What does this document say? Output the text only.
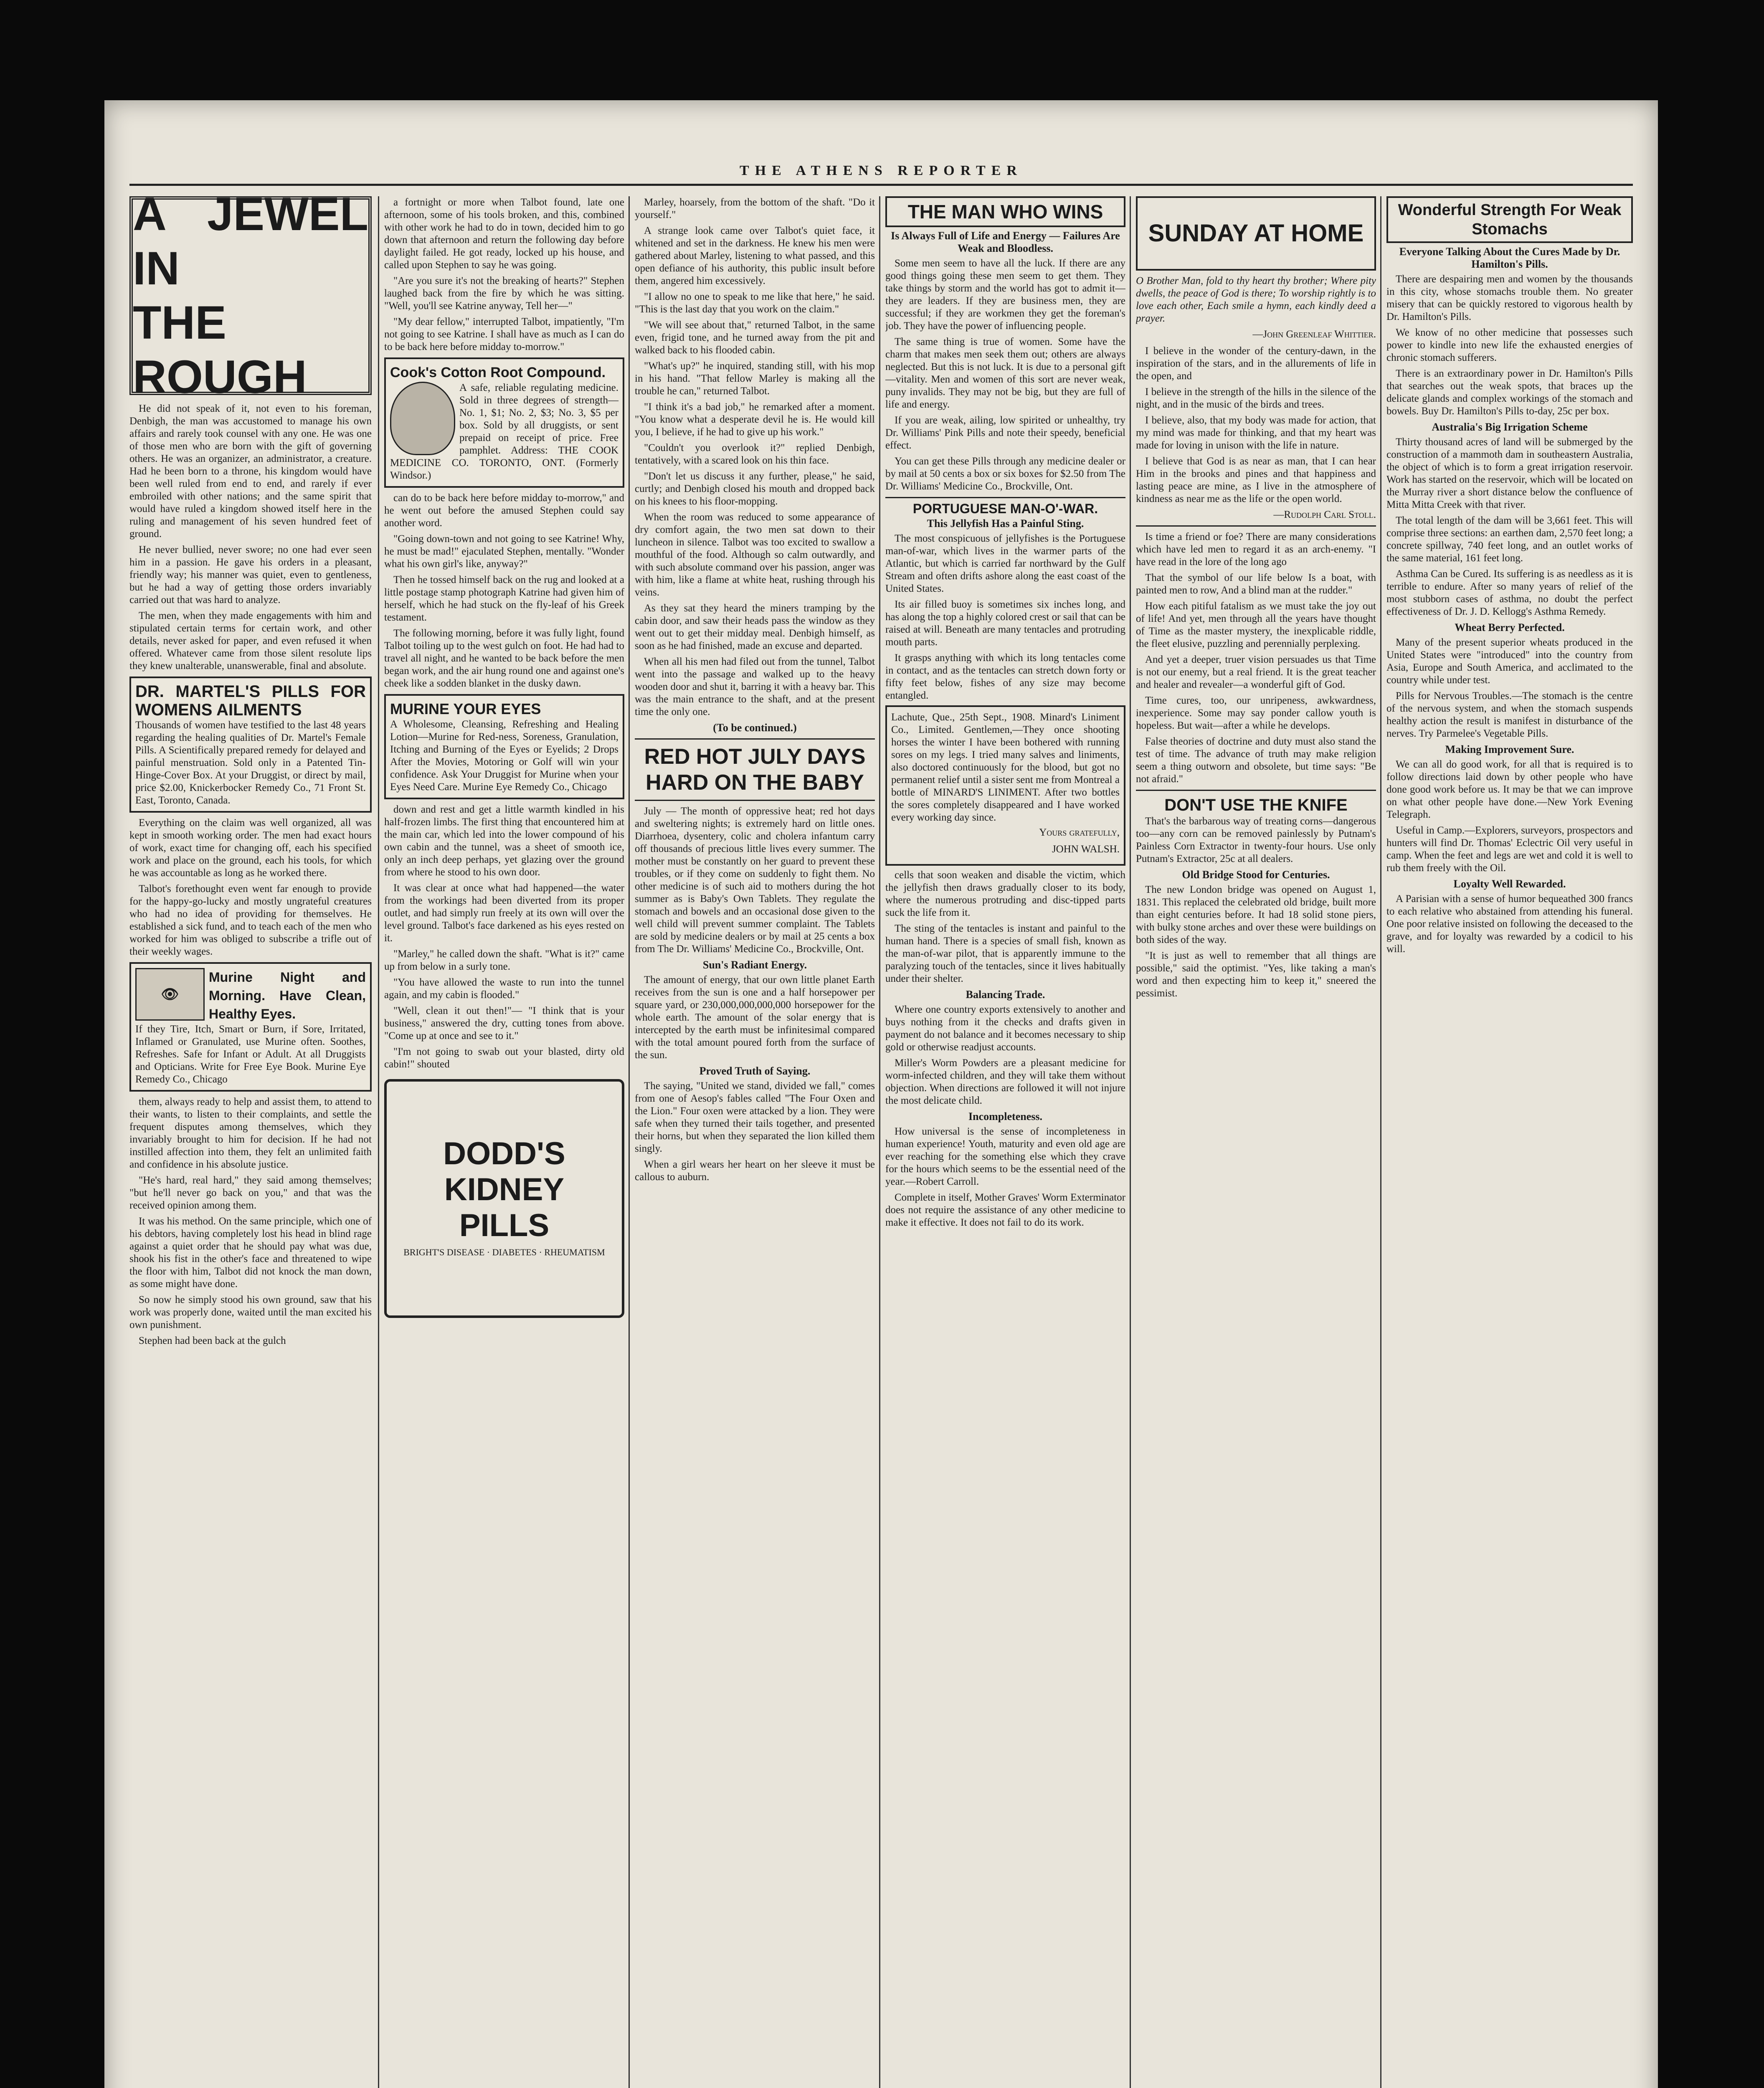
THE ATHENS REPORTER
A JEWEL IN
THE ROUGH

He did not speak of it, not even to his foreman, Denbigh, the man was accustomed to manage his own affairs and rarely took counsel with any one. He was one of those men who are born with the gift of governing others. He was an organizer, an administrator, a creature. Had he been born to a throne, his kingdom would have been well ruled from end to end, and rarely if ever embroiled with other nations; and the same spirit that would have ruled a kingdom showed itself here in the ruling and management of his seven hundred feet of ground.

He never bullied, never swore; no one had ever seen him in a passion. He gave his orders in a pleasant, friendly way; his manner was quiet, even to gentleness, but he had a way of getting those orders invariably carried out that was hard to analyze.

The men, when they made engagements with him and stipulated certain terms for certain work, and other details, never asked for paper, and even refused it when offered. Whatever came from those silent resolute lips they knew unalterable, unanswerable, final and absolute.

DR. MARTEL'S PILLS FOR WOMENS AILMENTS
Thousands of women have testified to the last 48 years regarding the healing qualities of Dr. Martel's Female Pills. A Scientifically prepared remedy for delayed and painful menstruation. Sold only in a Patented Tin-Hinge-Cover Box. At your Druggist, or direct by mail, price $2.00, Knickerbocker Remedy Co., 71 Front St. East, Toronto, Canada.

Everything on the claim was well organized, all was kept in smooth working order. The men had exact hours of work, exact time for changing off, each his specified work and place on the ground, each his tools, for which he was accountable as long as he worked there.

Talbot's forethought even went far enough to provide for the happy-go-lucky and mostly ungrateful creatures who had no idea of providing for themselves. He established a sick fund, and to teach each of the men who worked for him was obliged to subscribe a trifle out of their weekly wages.

👁
Murine Night and Morning. Have Clean, Healthy Eyes.
If they Tire, Itch, Smart or Burn, if Sore, Irritated, Inflamed or Granulated, use Murine often. Soothes, Refreshes. Safe for Infant or Adult. At all Druggists and Opticians. Write for Free Eye Book. Murine Eye Remedy Co., Chicago

them, always ready to help and assist them, to attend to their wants, to listen to their complaints, and settle the frequent disputes among themselves, which they invariably brought to him for decision. If he had not instilled affection into them, they felt an unlimited faith and confidence in his absolute justice.

"He's hard, real hard," they said among themselves; "but he'll never go back on you," and that was the received opinion among them.

It was his method. On the same principle, which one of his debtors, having completely lost his head in blind rage against a quiet order that he should pay what was due, shook his fist in the other's face and threatened to wipe the floor with him, Talbot did not knock the man down, as some might have done.

So now he simply stood his own ground, saw that his work was properly done, waited until the man excited his own punishment.

Stephen had been back at the gulch

a fortnight or more when Talbot found, late one afternoon, some of his tools broken, and this, combined with other work he had to do in town, decided him to go down that afternoon and return the following day before daylight failed. He got ready, locked up his house, and called upon Stephen to say he was going.

"Are you sure it's not the breaking of hearts?" Stephen laughed back from the fire by which he was sitting. "Well, you'll see Katrine anyway, Tell her—"

"My dear fellow," interrupted Talbot, impatiently, "I'm not going to see Katrine. I shall have as much as I can do to be back here before midday to-morrow."

Cook's Cotton Root Compound.
A safe, reliable regulating medicine. Sold in three degrees of strength—No. 1, $1; No. 2, $3; No. 3, $5 per box. Sold by all druggists, or sent prepaid on receipt of price. Free pamphlet. Address: THE COOK MEDICINE CO. TORONTO, ONT. (Formerly Windsor.)

can do to be back here before midday to-morrow," and he went out before the amused Stephen could say another word.

"Going down-town and not going to see Katrine! Why, he must be mad!" ejaculated Stephen, mentally. "Wonder what his own girl's like, anyway?"

Then he tossed himself back on the rug and looked at a little postage stamp photograph Katrine had given him of herself, which he had stuck on the fly-leaf of his Greek testament.

The following morning, before it was fully light, found Talbot toiling up to the west gulch on foot. He had had to travel all night, and he wanted to be back before the men began work, and the air hung round one and against one's cheek like a sodden blanket in the dusky dawn.

MURINE YOUR EYES
A Wholesome, Cleansing, Refreshing and Healing Lotion—Murine for Red-ness, Soreness, Granulation, Itching and Burning of the Eyes or Eyelids; 2 Drops After the Movies, Motoring or Golf will win your confidence. Ask Your Druggist for Murine when your Eyes Need Care. Murine Eye Remedy Co., Chicago

down and rest and get a little warmth kindled in his half-frozen limbs. The first thing that encountered him at the main car, which led into the lower compound of his own cabin and the tunnel, was a sheet of smooth ice, only an inch deep perhaps, yet glazing over the ground from where he stood to his own door.

It was clear at once what had happened—the water from the workings had been diverted from its proper outlet, and had simply run freely at its own will over the level ground. Talbot's face darkened as his eyes rested on it.

"Marley," he called down the shaft. "What is it?" came up from below in a surly tone.

"You have allowed the waste to run into the tunnel again, and my cabin is flooded."

"Well, clean it out then!"— "I think that is your business," answered the dry, cutting tones from above. "Come up at once and see to it."

"I'm not going to swab out your blasted, dirty old cabin!" shouted

DODD'S
KIDNEY
PILLS
BRIGHT'S DISEASE · DIABETES · RHEUMATISM

Marley, hoarsely, from the bottom of the shaft. "Do it yourself."

A strange look came over Talbot's quiet face, it whitened and set in the darkness. He knew his men were gathered about Marley, listening to what passed, and this open defiance of his authority, this public insult before them, angered him excessively.

"I allow no one to speak to me like that here," he said. "This is the last day that you work on the claim."

"We will see about that," returned Talbot, in the same even, frigid tone, and he turned away from the pit and walked back to his flooded cabin.

"What's up?" he inquired, standing still, with his mop in his hand. "That fellow Marley is making all the trouble he can," returned Talbot.

"I think it's a bad job," he remarked after a moment. "You know what a desperate devil he is. He would kill you, I believe, if he had to give up his work."

"Couldn't you overlook it?" replied Denbigh, tentatively, with a scared look on his thin face.

"Don't let us discuss it any further, please," he said, curtly; and Denbigh closed his mouth and dropped back on his knees to his floor-mopping.

When the room was reduced to some appearance of dry comfort again, the two men sat down to their luncheon in silence. Talbot was too excited to swallow a mouthful of the food. Although so calm outwardly, and with such absolute command over his passion, anger was with him, like a flame at white heat, rushing through his veins.

As they sat they heard the miners tramping by the cabin door, and saw their heads pass the window as they went out to get their midday meal. Denbigh himself, as soon as he had finished, made an excuse and departed.

When all his men had filed out from the tunnel, Talbot went into the passage and walked up to the heavy wooden door and shut it, barring it with a heavy bar. This was the main entrance to the shaft, and at the present time the only one.

(To be continued.)
RED HOT JULY DAYS HARD ON THE BABY

July — The month of oppressive heat; red hot days and sweltering nights; is extremely hard on little ones. Diarrhoea, dysentery, colic and cholera infantum carry off thousands of precious little lives every summer. The mother must be constantly on her guard to prevent these troubles, or if they come on suddenly to fight them. No other medicine is of such aid to mothers during the hot summer as is Baby's Own Tablets. They regulate the stomach and bowels and an occasional dose given to the well child will prevent summer complaint. The Tablets are sold by medicine dealers or by mail at 25 cents a box from The Dr. Williams' Medicine Co., Brockville, Ont.

Sun's Radiant Energy.

The amount of energy, that our own little planet Earth receives from the sun is one and a half horsepower per square yard, or 230,000,000,000,000 horsepower for the whole earth. The amount of the solar energy that is intercepted by the earth must be infinitesimal compared with the total amount poured forth from the surface of the sun.

Proved Truth of Saying.

The saying, "United we stand, divided we fall," comes from one of Aesop's fables called "The Four Oxen and the Lion." Four oxen were attacked by a lion. They were safe when they turned their tails together, and presented their horns, but when they separated the lion killed them singly.

When a girl wears her heart on her sleeve it must be callous to auburn.

THE MAN WHO WINS
Is Always Full of Life and Energy — Failures Are Weak and Bloodless.

Some men seem to have all the luck. If there are any good things going these men seem to get them. They take things by storm and the world has got to admit it—they are leaders. If they are business men, they are successful; if they are workmen they get the foreman's job. They have the power of influencing people.

The same thing is true of women. Some have the charm that makes men seek them out; others are always neglected. But this is not luck. It is due to a personal gift—vitality. Men and women of this sort are never weak, puny invalids. They may not be big, but they are full of life and energy.

If you are weak, ailing, low spirited or unhealthy, try Dr. Williams' Pink Pills and note their speedy, beneficial effect.

You can get these Pills through any medicine dealer or by mail at 50 cents a box or six boxes for $2.50 from The Dr. Williams' Medicine Co., Brockville, Ont.

PORTUGUESE MAN-O'-WAR.
This Jellyfish Has a Painful Sting.

The most conspicuous of jellyfishes is the Portuguese man-of-war, which lives in the warmer parts of the Atlantic, but which is carried far northward by the Gulf Stream and often drifts ashore along the east coast of the United States.

Its air filled buoy is sometimes six inches long, and has along the top a highly colored crest or sail that can be raised at will. Beneath are many tentacles and protruding mouth parts.

It grasps anything with which its long tentacles come in contact, and as the tentacles can stretch down forty or fifty feet below, fishes of any size may become entangled.

Lachute, Que., 25th Sept., 1908. Minard's Liniment Co., Limited. Gentlemen,—They once shooting horses the winter I have been bothered with running sores on my legs. I tried many salves and liniments, also doctored continuously for the blood, but got no permanent relief until a sister sent me from Montreal a bottle of MINARD'S LINIMENT. After two bottles the sores completely disappeared and I have worked every working day since.
Yours gratefully,
JOHN WALSH.

cells that soon weaken and disable the victim, which the jellyfish then draws gradually closer to its body, where the numerous protruding and disc-tipped parts suck the life from it.

The sting of the tentacles is instant and painful to the human hand. There is a species of small fish, known as the man-of-war pilot, that is apparently immune to the paralyzing touch of the tentacles, since it lives habitually under their shelter.

Balancing Trade.

Where one country exports extensively to another and buys nothing from it the checks and drafts given in payment do not balance and it becomes necessary to ship gold or otherwise readjust accounts.

Miller's Worm Powders are a pleasant medicine for worm-infected children, and they will take them without objection. When directions are followed it will not injure the most delicate child.

Incompleteness.

How universal is the sense of incompleteness in human experience! Youth, maturity and even old age are ever reaching for the something else which they crave for the hours which seems to be the essential need of the year.—Robert Carroll.

Complete in itself, Mother Graves' Worm Exterminator does not require the assistance of any other medicine to make it effective. It does not fail to do its work.

SUNDAY AT HOME

O Brother Man, fold to thy heart thy brother; Where pity dwells, the peace of God is there; To worship rightly is to love each other, Each smile a hymn, each kindly deed a prayer.

—John Greenleaf Whittier.

I believe in the wonder of the century-dawn, in the inspiration of the stars, and in the allurements of life in the open, and

I believe in the strength of the hills in the silence of the night, and in the music of the birds and trees.

I believe, also, that my body was made for action, that my mind was made for thinking, and that my heart was made for loving in unison with the life in nature.

I believe that God is as near as man, that I can hear Him in the brooks and pines and that happiness and lasting peace are mine, as I live in the atmosphere of kindness as near me as the life or the open world.

—Rudolph Carl Stoll.

Is time a friend or foe? There are many considerations which have led men to regard it as an arch-enemy. "I have read in the lore of the long ago

That the symbol of our life below Is a boat, with painted men to row, And a blind man at the rudder."

How each pitiful fatalism as we must take the joy out of life! And yet, men through all the years have thought of Time as the master mystery, the inexplicable riddle, the fleet elusive, puzzling and perennially perplexing.

And yet a deeper, truer vision persuades us that Time is not our enemy, but a real friend. It is the great teacher and healer and revealer—a wonderful gift of God.

Time cures, too, our unripeness, awkwardness, inexperience. Some may say ponder callow youth is hopeless. But wait—after a while he develops.

False theories of doctrine and duty must also stand the test of time. The advance of truth may make religion seem a thing outworn and obsolete, but time says: "Be not afraid."

DON'T USE THE KNIFE

That's the barbarous way of treating corns—dangerous too—any corn can be removed painlessly by Putnam's Painless Corn Extractor in twenty-four hours. Use only Putnam's Extractor, 25c at all dealers.

Old Bridge Stood for Centuries.

The new London bridge was opened on August 1, 1831. This replaced the celebrated old bridge, built more than eight centuries before. It had 18 solid stone piers, with bulky stone arches and over these were buildings on both sides of the way.

"It is just as well to remember that all things are possible," said the optimist. "Yes, like taking a man's word and then expecting him to keep it," sneered the pessimist.

Wonderful Strength For Weak Stomachs
Everyone Talking About the Cures Made by Dr. Hamilton's Pills.

There are despairing men and women by the thousands in this city, whose stomachs trouble them. No greater misery that can be quickly restored to vigorous health by Dr. Hamilton's Pills.

We know of no other medicine that possesses such power to kindle into new life the exhausted energies of chronic stomach sufferers.

There is an extraordinary power in Dr. Hamilton's Pills that searches out the weak spots, that braces up the delicate glands and complex workings of the stomach and bowels. Buy Dr. Hamilton's Pills to-day, 25c per box.

Australia's Big Irrigation Scheme

Thirty thousand acres of land will be submerged by the construction of a mammoth dam in southeastern Australia, the object of which is to form a great irrigation reservoir. Work has started on the reservoir, which will be located on the Murray river a short distance below the confluence of Mitta Mitta Creek with that river.

The total length of the dam will be 3,661 feet. This will comprise three sections: an earthen dam, 2,570 feet long; a concrete spillway, 740 feet long, and an outlet works of the same material, 161 feet long.

Asthma Can be Cured. Its suffering is as needless as it is terrible to endure. After so many years of relief of the most stubborn cases of asthma, no doubt the perfect effectiveness of Dr. J. D. Kellogg's Asthma Remedy.

Wheat Berry Perfected.

Many of the present superior wheats produced in the United States were "introduced" into the country from Asia, Europe and South America, and acclimated to the country while under test.

Pills for Nervous Troubles.—The stomach is the centre of the nervous system, and when the stomach suspends healthy action the result is manifest in disturbance of the nerves. Try Parmelee's Vegetable Pills.

Making Improvement Sure.

We can all do good work, for all that is required is to follow directions laid down by other people who have done good work before us. It may be that we can improve on what other people have done.—New York Evening Telegraph.

Useful in Camp.—Explorers, surveyors, prospectors and hunters will find Dr. Thomas' Eclectric Oil very useful in camp. When the feet and legs are wet and cold it is well to rub them freely with the Oil.

Loyalty Well Rewarded.

A Parisian with a sense of humor bequeathed 300 francs to each relative who abstained from attending his funeral. One poor relative insisted on following the deceased to the grave, and for loyalty was rewarded by a codicil to his will.
